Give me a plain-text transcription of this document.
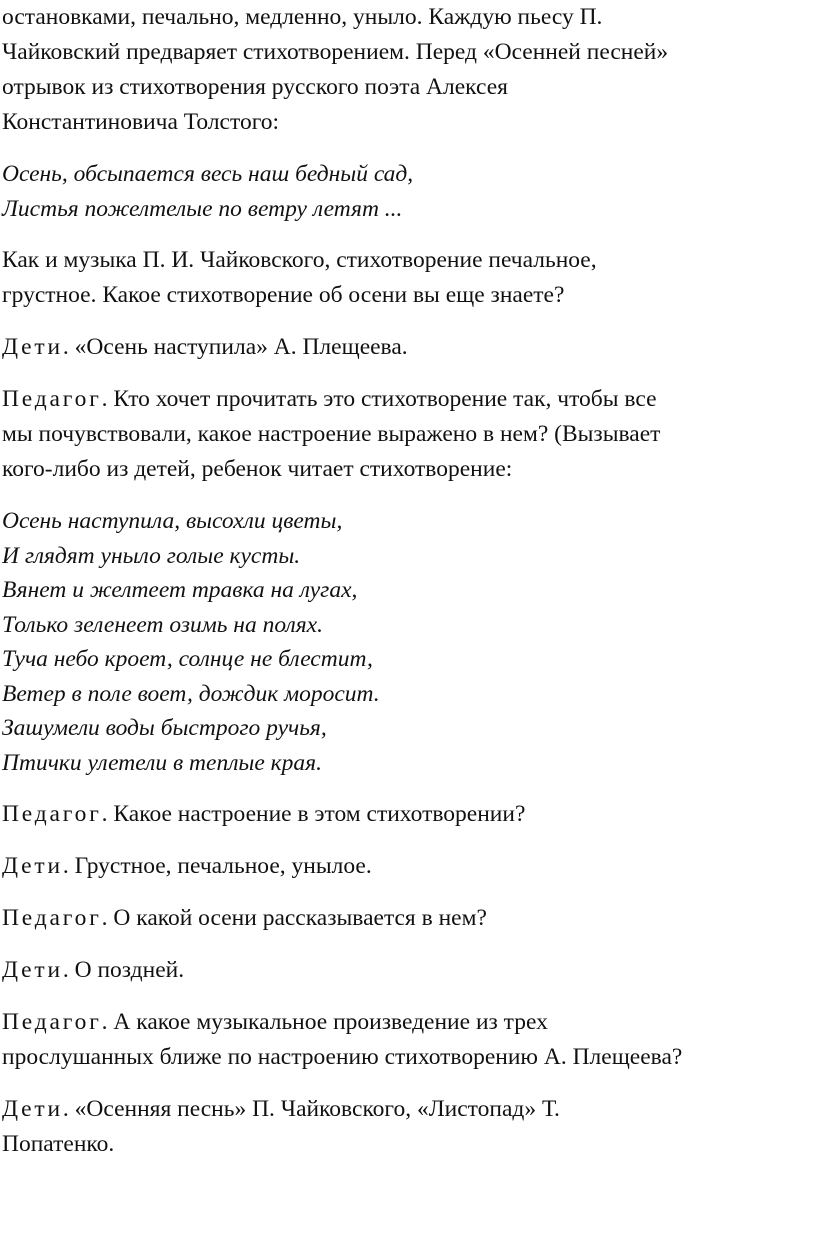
остановками, печально, медленно, уныло. Каждую пьесу П.
Чайковский предваряет стихотворением. Перед «Осенней песней»
отрывок из стихотворения русского поэта Алексея
Константиновича Толстого:
Осень, обсыпается весь наш бедный сад,
Листья пожелтелые по ветру летят ...
Как и музыка П. И. Чайковского, стихотворение печальное,
грустное. Какое стихотворение об осени вы еще знаете?
Дети. «Осень наступила» А. Плещеева.
Педагог. Кто хочет прочитать это стихотворение так, чтобы все
мы почувствовали, какое настроение выражено в нем? (Вызывает
кого-либо из детей, ребенок читает стихотворение:
Осень наступила, высохли цветы,
И глядят уныло голые кусты.
Вянет и желтеет травка на лугах,
Только зеленеет озимь на полях.
Туча небо кроет, солнце не блестит,
Ветер в поле воет, дождик моросит.
Зашумели воды быстрого ручья,
Птички улетели в теплые края.
Педагог. Какое настроение в этом стихотворении?
Дети. Грустное, печальное, унылое.
Педагог. О какой осени рассказывается в нем?
Дети. О поздней.
Педагог. А какое музыкальное произведение из трех
прослушанных ближе по настроению стихотворению А. Плещеева?
Дети. «Осенняя песнь» П. Чайковского, «Листопад» Т.
Попатенко.
